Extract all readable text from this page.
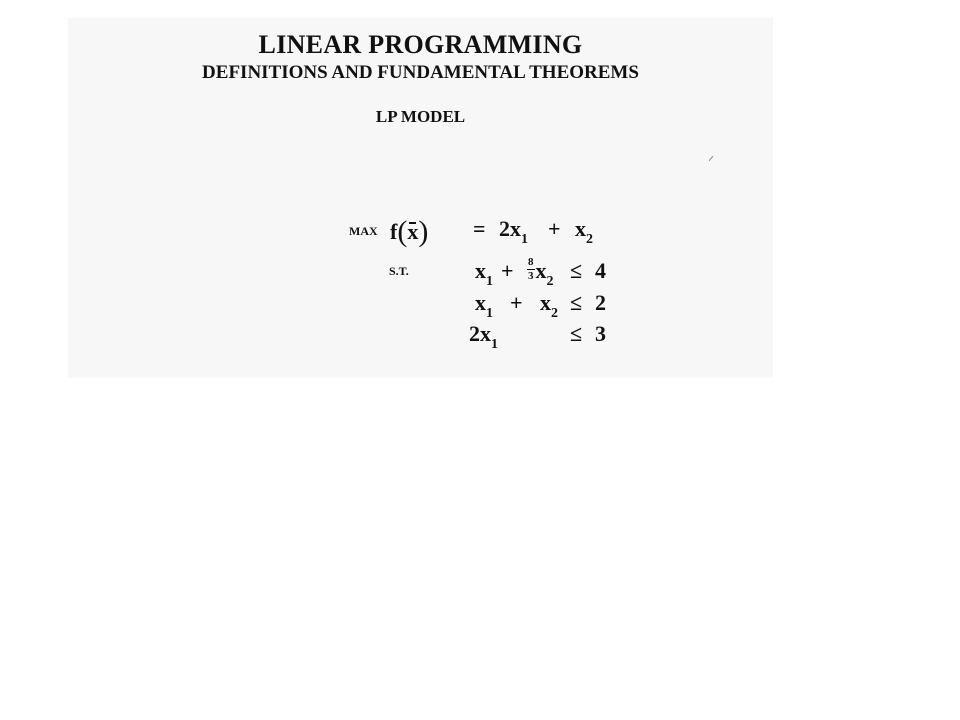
LINEAR PROGRAMMING
DEFINITIONS AND FUNDAMENTAL THEOREMS
LP MODEL
MAX $f(x) = 2x_1 + x_2$
S.T.	$x_1 + \frac{8}{3} x_2 \le 4$
$x_1 + x_2 \le 2$
$2x_1$	≤ 3
